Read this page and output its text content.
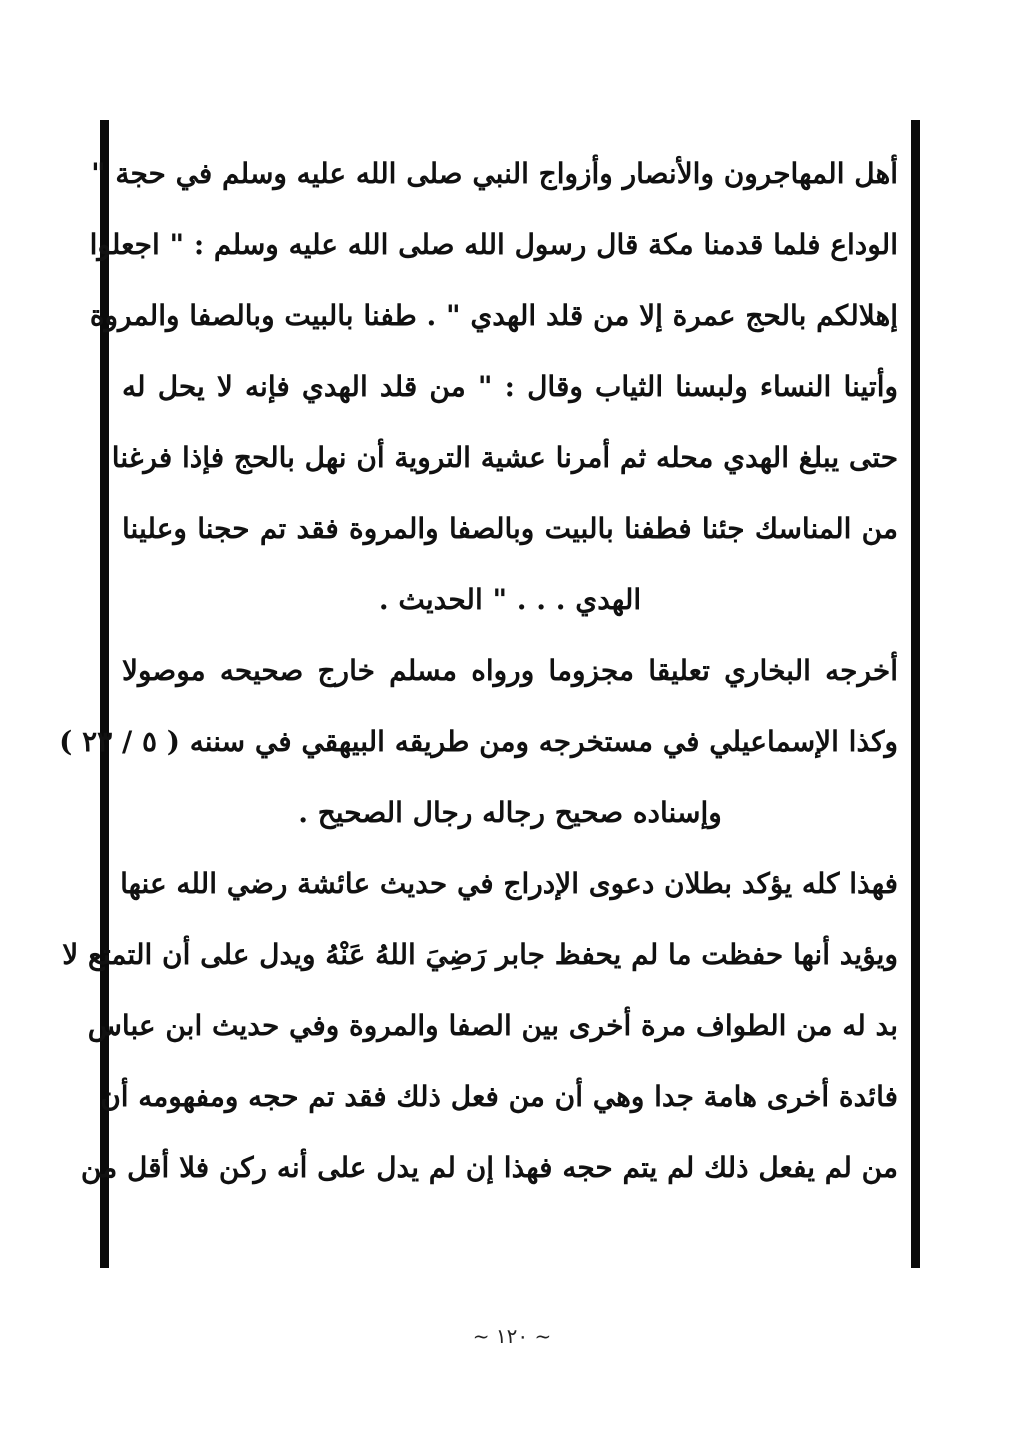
أهل المهاجرون والأنصار وأزواج النبي صلى الله عليه وسلم في حجة "
الوداع فلما قدمنا مكة قال رسول الله صلى الله عليه وسلم : " اجعلوا
إهلالكم بالحج عمرة إلا من قلد الهدي " . طفنا بالبيت وبالصفا والمروة
وأتينا النساء ولبسنا الثياب وقال : " من قلد الهدي فإنه لا يحل له
حتى يبلغ الهدي محله ثم أمرنا عشية التروية أن نهل بالحج فإذا فرغنا
من المناسك جئنا فطفنا بالبيت وبالصفا والمروة فقد تم حجنا وعلينا
الهدي . . . " الحديث .
أخرجه البخاري تعليقا مجزوما ورواه مسلم خارج صحيحه موصولا
وكذا الإسماعيلي في مستخرجه ومن طريقه البيهقي في سننه ( ٥ / ٢٣ )
وإسناده صحيح رجاله رجال الصحيح .
فهذا كله يؤكد بطلان دعوى الإدراج في حديث عائشة رضي الله عنها
ويؤيد أنها حفظت ما لم يحفظ جابر رَضِيَ اللهُ عَنْهُ ويدل على أن التمتع لا
بد له من الطواف مرة أخرى بين الصفا والمروة وفي حديث ابن عباس
فائدة أخرى هامة جدا وهي أن من فعل ذلك فقد تم حجه ومفهومه أن
من لم يفعل ذلك لم يتم حجه فهذا إن لم يدل على أنه ركن فلا أقل من
~ ١٢٠ ~
